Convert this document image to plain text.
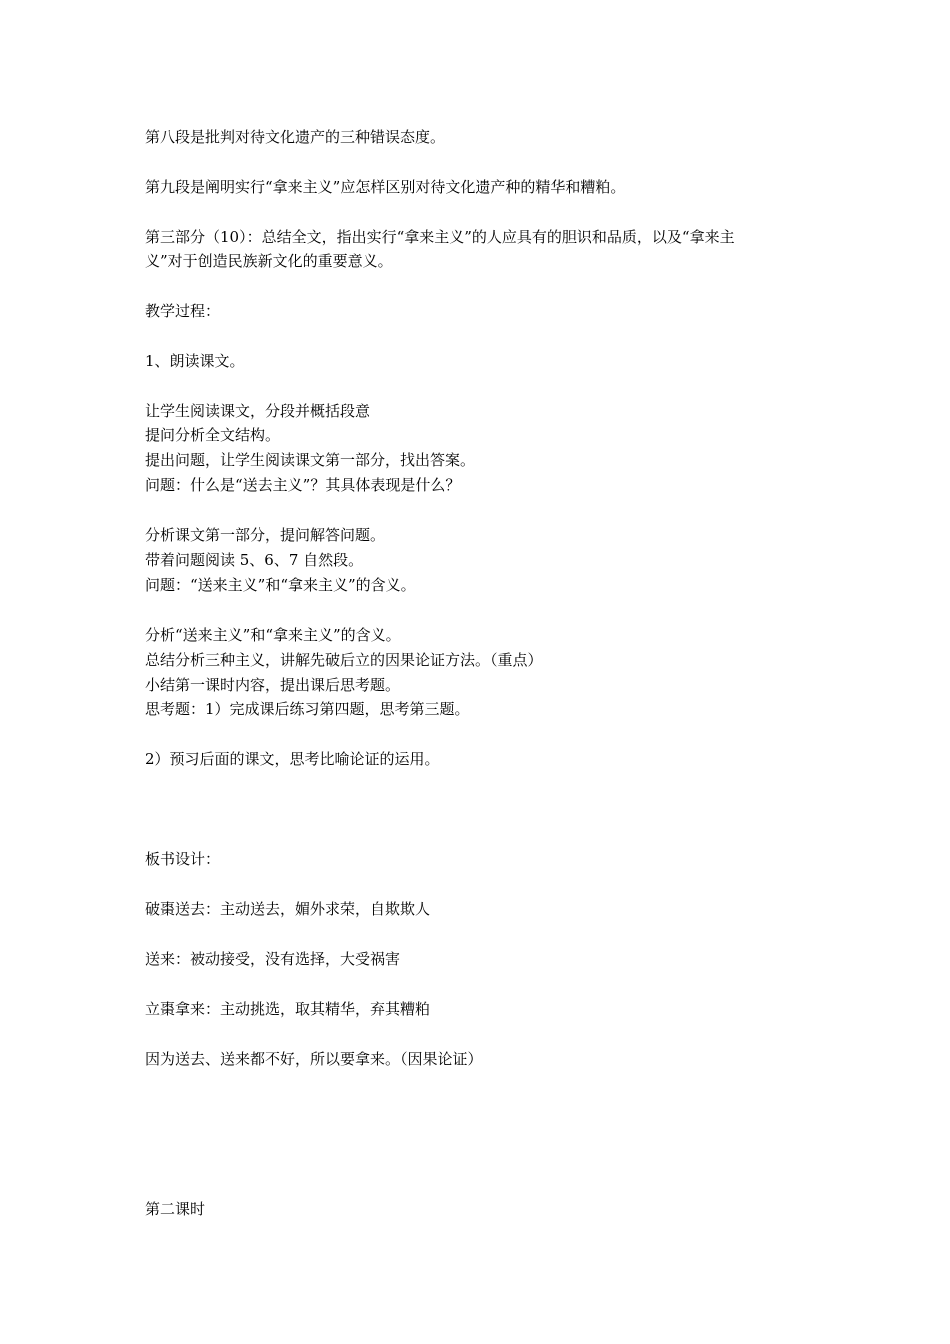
第八段是批判对待文化遗产的三种错误态度。

第九段是阐明实行“拿来主义”应怎样区别对待文化遗产种的精华和糟粕。

第三部分（10）：总结全文，指出实行“拿来主义”的人应具有的胆识和品质，以及“拿来主

义”对于创造民族新文化的重要意义。

教学过程：

1、朗读课文。

让学生阅读课文，分段并概括段意

提问分析全文结构。

提出问题，让学生阅读课文第一部分，找出答案。

问题：什么是“送去主义”？其具体表现是什么？

分析课文第一部分，提问解答问题。

带着问题阅读 5、6、7 自然段。

问题：“送来主义”和“拿来主义”的含义。

分析“送来主义”和“拿来主义”的含义。

总结分析三种主义，讲解先破后立的因果论证方法。（重点）

小结第一课时内容，提出课后思考题。

思考题：1）完成课后练习第四题，思考第三题。

2）预习后面的课文，思考比喻论证的运用。

板书设计：

破棗送去：主动送去，媚外求荣，自欺欺人

送来：被动接受，没有选择，大受祸害

立棗拿来：主动挑选，取其精华，弃其糟粕

因为送去、送来都不好，所以要拿来。（因果论证）

第二课时
